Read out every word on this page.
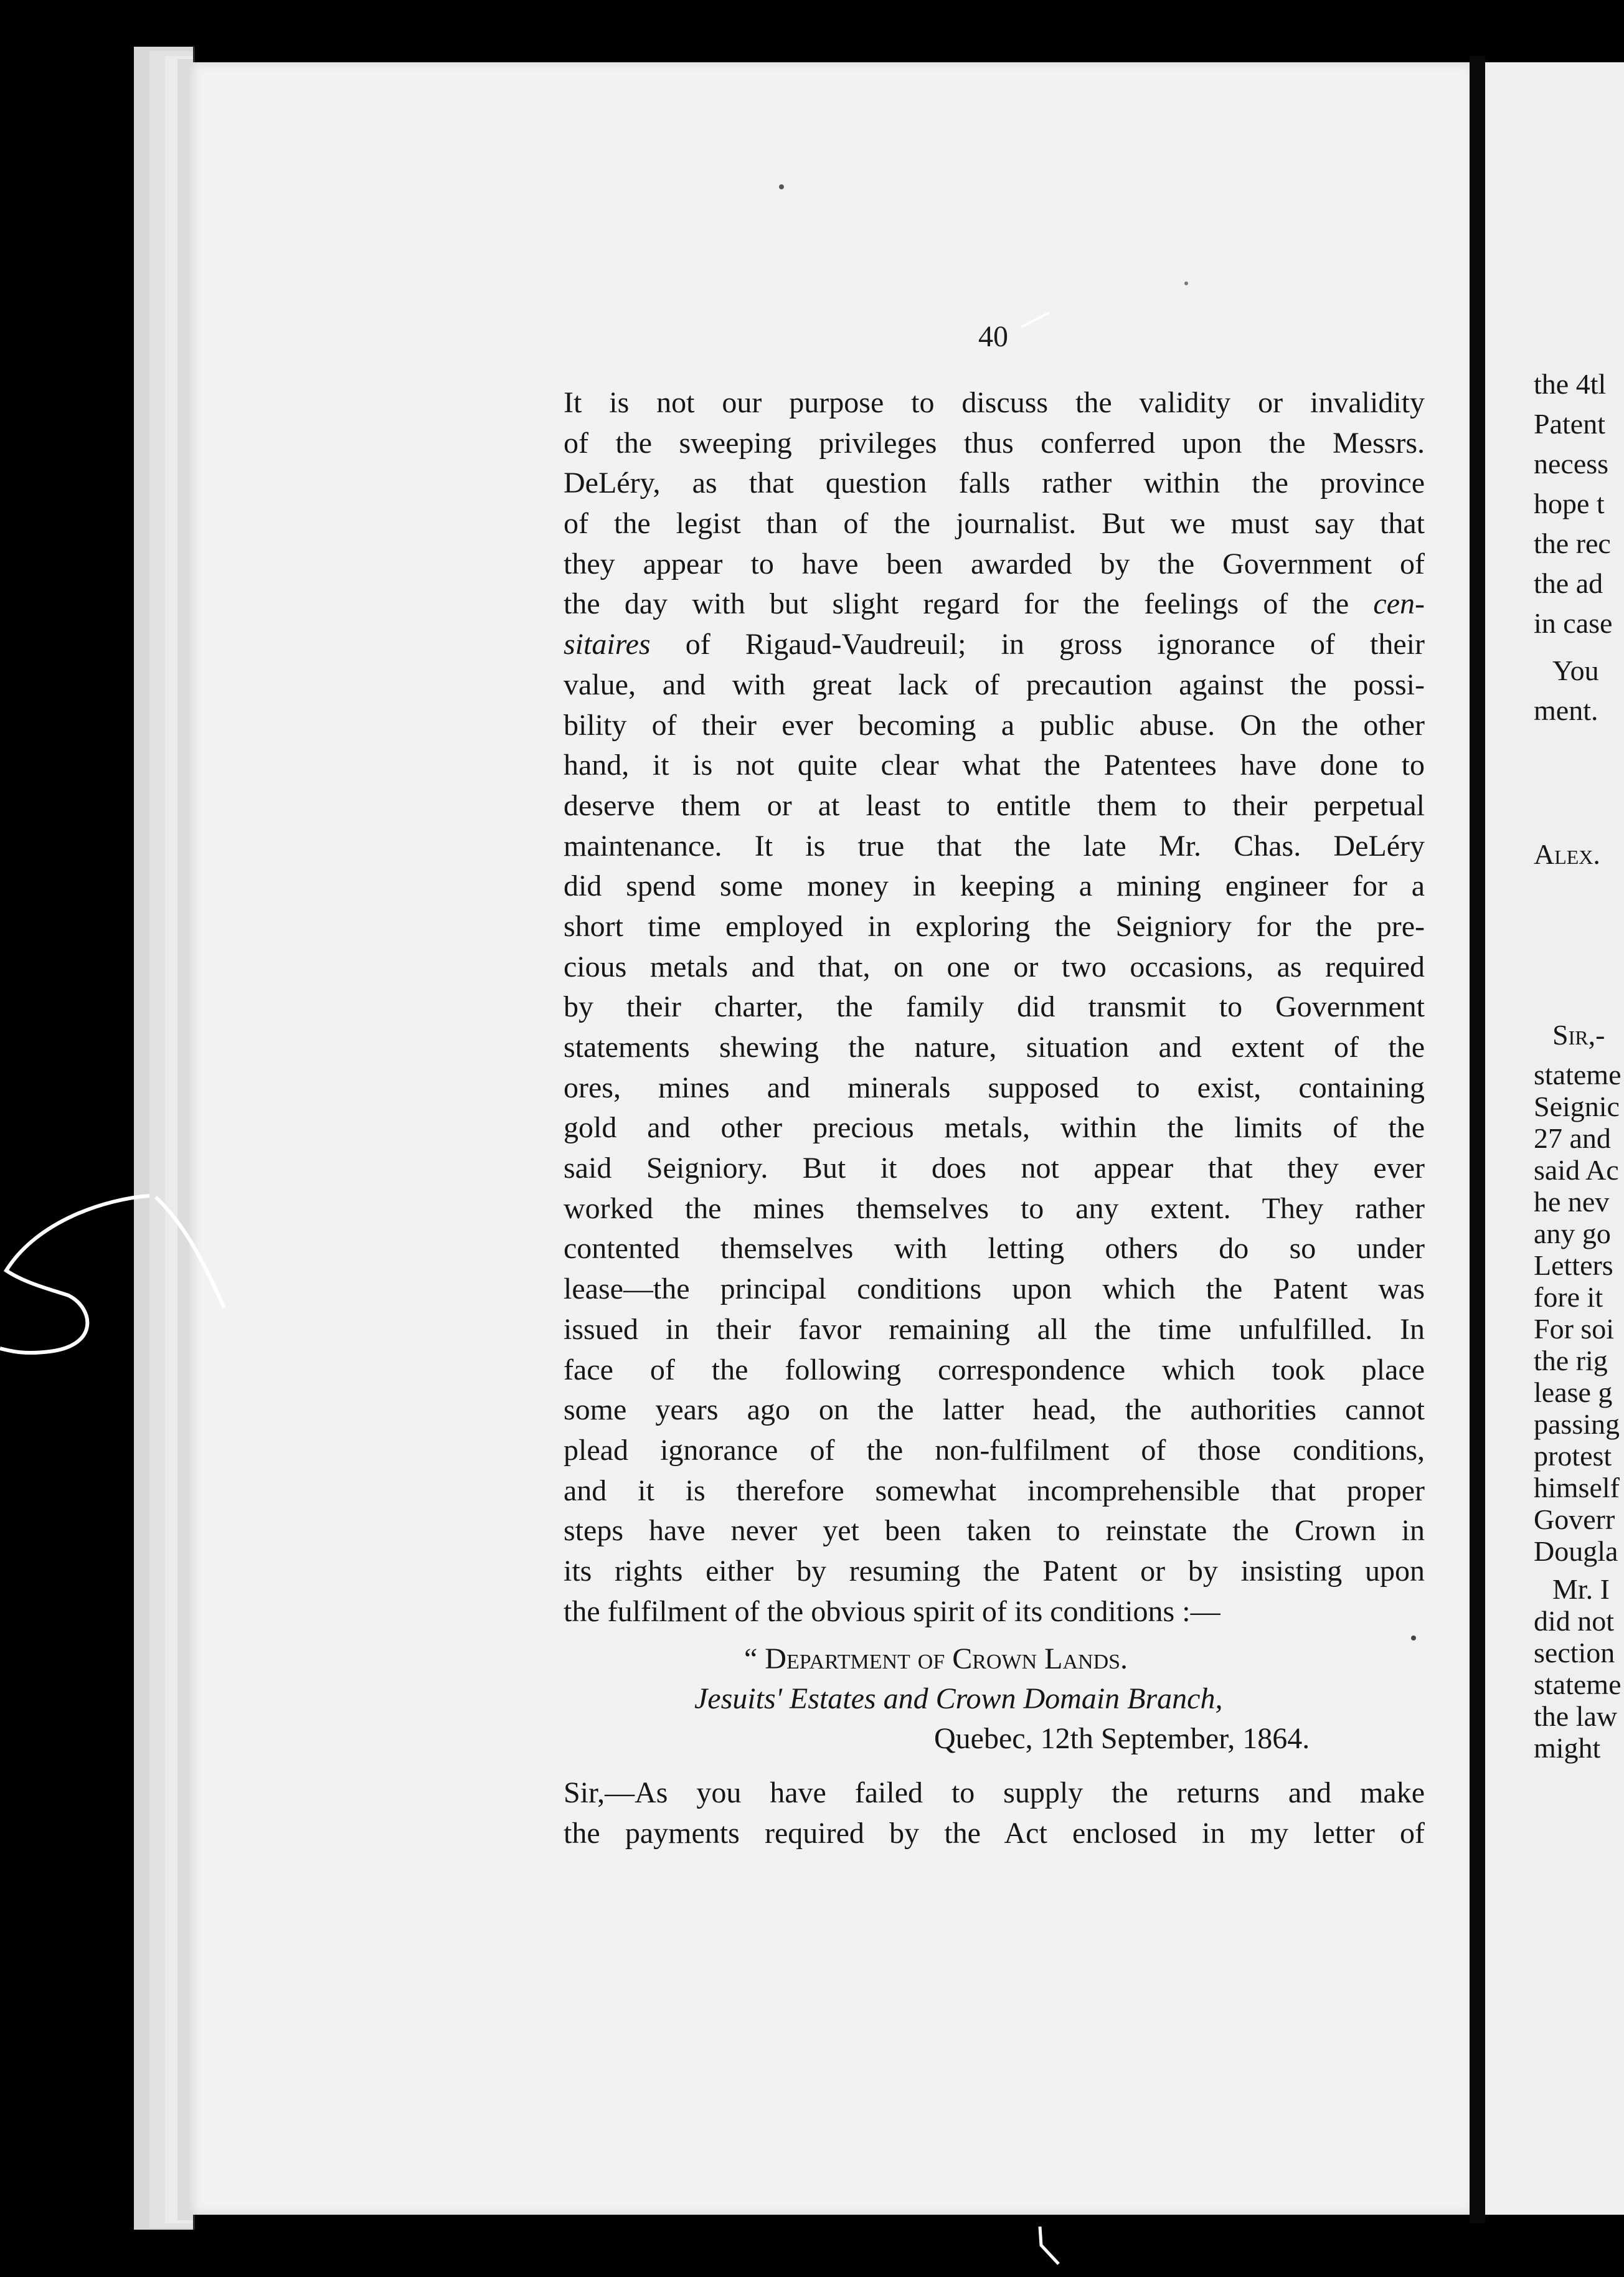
40
It is not our purpose to discuss the validity or invalidity
of the sweeping privileges thus conferred upon the Messrs.
DeLéry, as that question falls rather within the province
of the legist than of the journalist. But we must say that
they appear to have been awarded by the Government of
the day with but slight regard for the feelings of the cen-
sitaires of Rigaud-Vaudreuil; in gross ignorance of their
value, and with great lack of precaution against the possi-
bility of their ever becoming a public abuse. On the other
hand, it is not quite clear what the Patentees have done to
deserve them or at least to entitle them to their perpetual
maintenance. It is true that the late Mr. Chas. DeLéry
did spend some money in keeping a mining engineer for a
short time employed in exploring the Seigniory for the pre-
cious metals and that, on one or two occasions, as required
by their charter, the family did transmit to Government
statements shewing the nature, situation and extent of the
ores, mines and minerals supposed to exist, containing
gold and other precious metals, within the limits of the
said Seigniory. But it does not appear that they ever
worked the mines themselves to any extent. They rather
contented themselves with letting others do so under
lease—the principal conditions upon which the Patent was
issued in their favor remaining all the time unfulfilled. In
face of the following correspondence which took place
some years ago on the latter head, the authorities cannot
plead ignorance of the non-fulfilment of those conditions,
and it is therefore somewhat incomprehensible that proper
steps have never yet been taken to reinstate the Crown in
its rights either by resuming the Patent or by insisting upon
the fulfilment of the obvious spirit of its conditions :—
“ Department of Crown Lands.
Jesuits' Estates and Crown Domain Branch,
Quebec, 12th September, 1864.
Sir,—As you have failed to supply the returns and make
the payments required by the Act enclosed in my letter of
the 4tl
Patent
necess
hope t
the rec
the ad
in case
You
ment.
Alex.
Sir,-
stateme
Seignic
27 and
said Ac
he nev
any go
Letters
fore it
For soi
the rig
lease g
passing
protest
himself
Goverr
Dougla
Mr. I
did not
section
stateme
the law
might
